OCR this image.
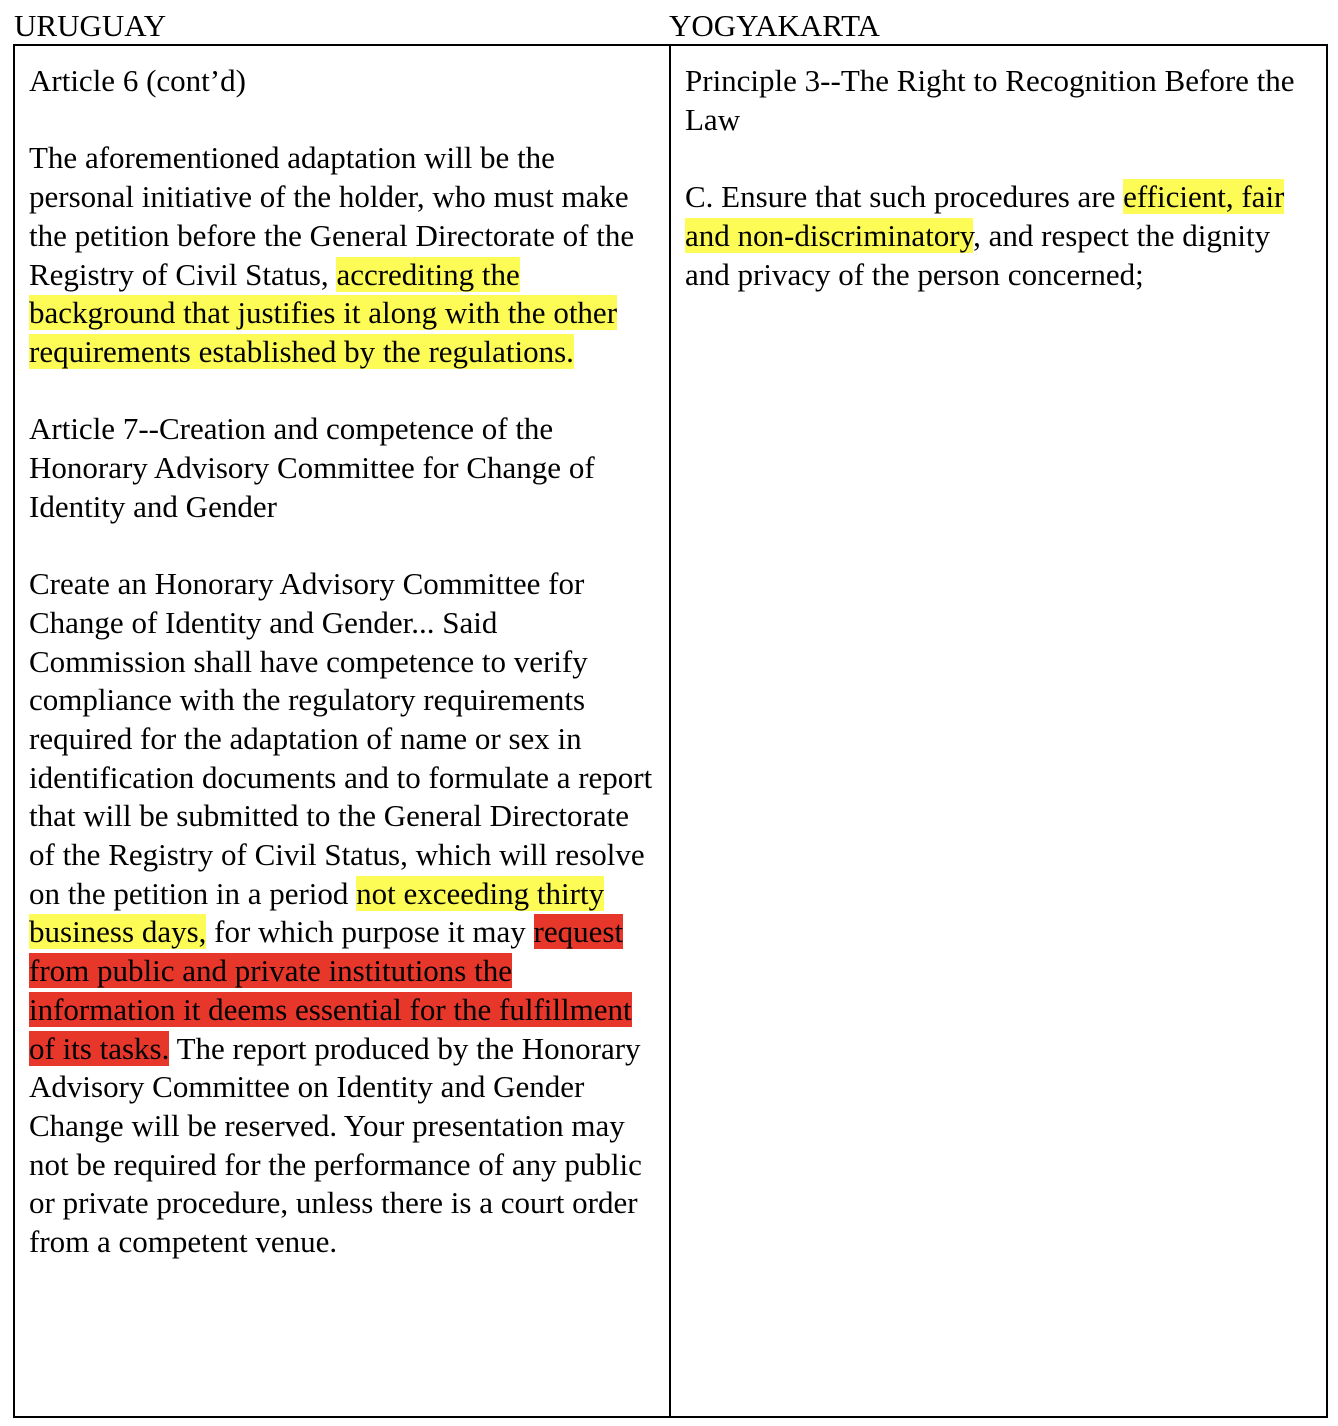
URUGUAY	YOGYAKARTA

Article 6 (cont’d)

The aforementioned adaptation will be the personal initiative of the holder, who must make the petition before the General Directorate of the Registry of Civil Status, accrediting the background that justifies it along with the other requirements established by the regulations.

Article 7--Creation and competence of the Honorary Advisory Committee for Change of Identity and Gender

Create an Honorary Advisory Committee for Change of Identity and Gender... Said Commission shall have competence to verify compliance with the regulatory requirements required for the adaptation of name or sex in identification documents and to formulate a report that will be submitted to the General Directorate of the Registry of Civil Status, which will resolve on the petition in a period not exceeding thirty business days, for which purpose it may request from public and private institutions the information it deems essential for the fulfillment of its tasks. The report produced by the Honorary Advisory Committee on Identity and Gender Change will be reserved. Your presentation may not be required for the performance of any public or private procedure, unless there is a court order from a competent venue.

Principle 3--The Right to Recognition Before the Law

C. Ensure that such procedures are efficient, fair and non-discriminatory, and respect the dignity and privacy of the person concerned;
